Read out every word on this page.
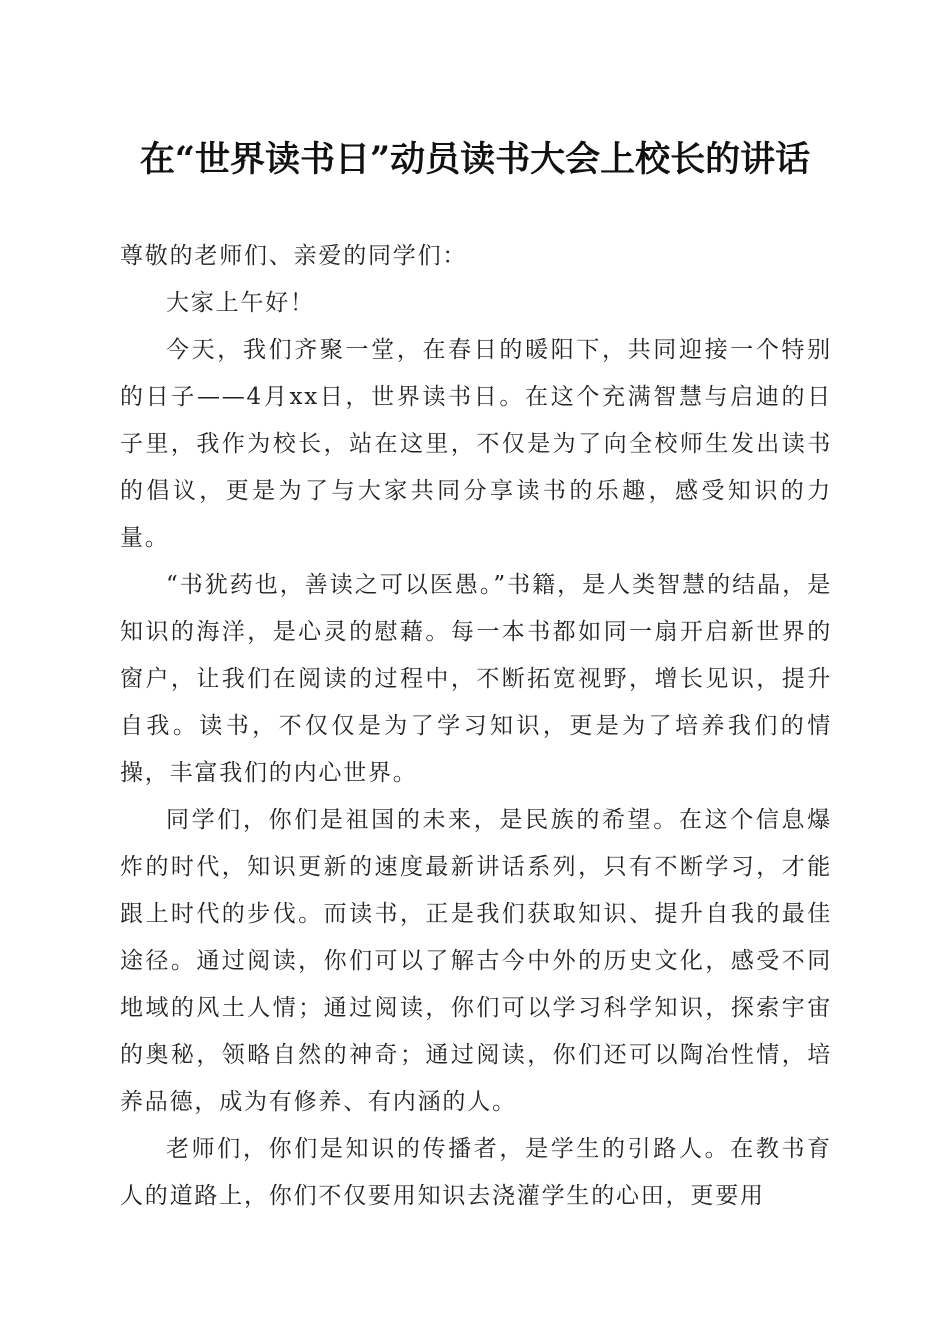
在“世界读书日”动员读书大会上校长的讲话

尊敬的老师们、亲爱的同学们：

大家上午好！

今天，我们齐聚一堂，在春日的暖阳下，共同迎接一个特别的日子——4月xx日，世界读书日。在这个充满智慧与启迪的日子里，我作为校长，站在这里，不仅是为了向全校师生发出读书的倡议，更是为了与大家共同分享读书的乐趣，感受知识的力量。

“书犹药也，善读之可以医愚。”书籍，是人类智慧的结晶，是知识的海洋，是心灵的慰藉。每一本书都如同一扇开启新世界的窗户，让我们在阅读的过程中，不断拓宽视野，增长见识，提升自我。读书，不仅仅是为了学习知识，更是为了培养我们的情操，丰富我们的内心世界。

同学们，你们是祖国的未来，是民族的希望。在这个信息爆炸的时代，知识更新的速度最新讲话系列，只有不断学习，才能跟上时代的步伐。而读书，正是我们获取知识、提升自我的最佳途径。通过阅读，你们可以了解古今中外的历史文化，感受不同地域的风土人情；通过阅读，你们可以学习科学知识，探索宇宙的奥秘，领略自然的神奇；通过阅读，你们还可以陶冶性情，培养品德，成为有修养、有内涵的人。

老师们，你们是知识的传播者，是学生的引路人。在教书育人的道路上，你们不仅要用知识去浇灌学生的心田，更要用
